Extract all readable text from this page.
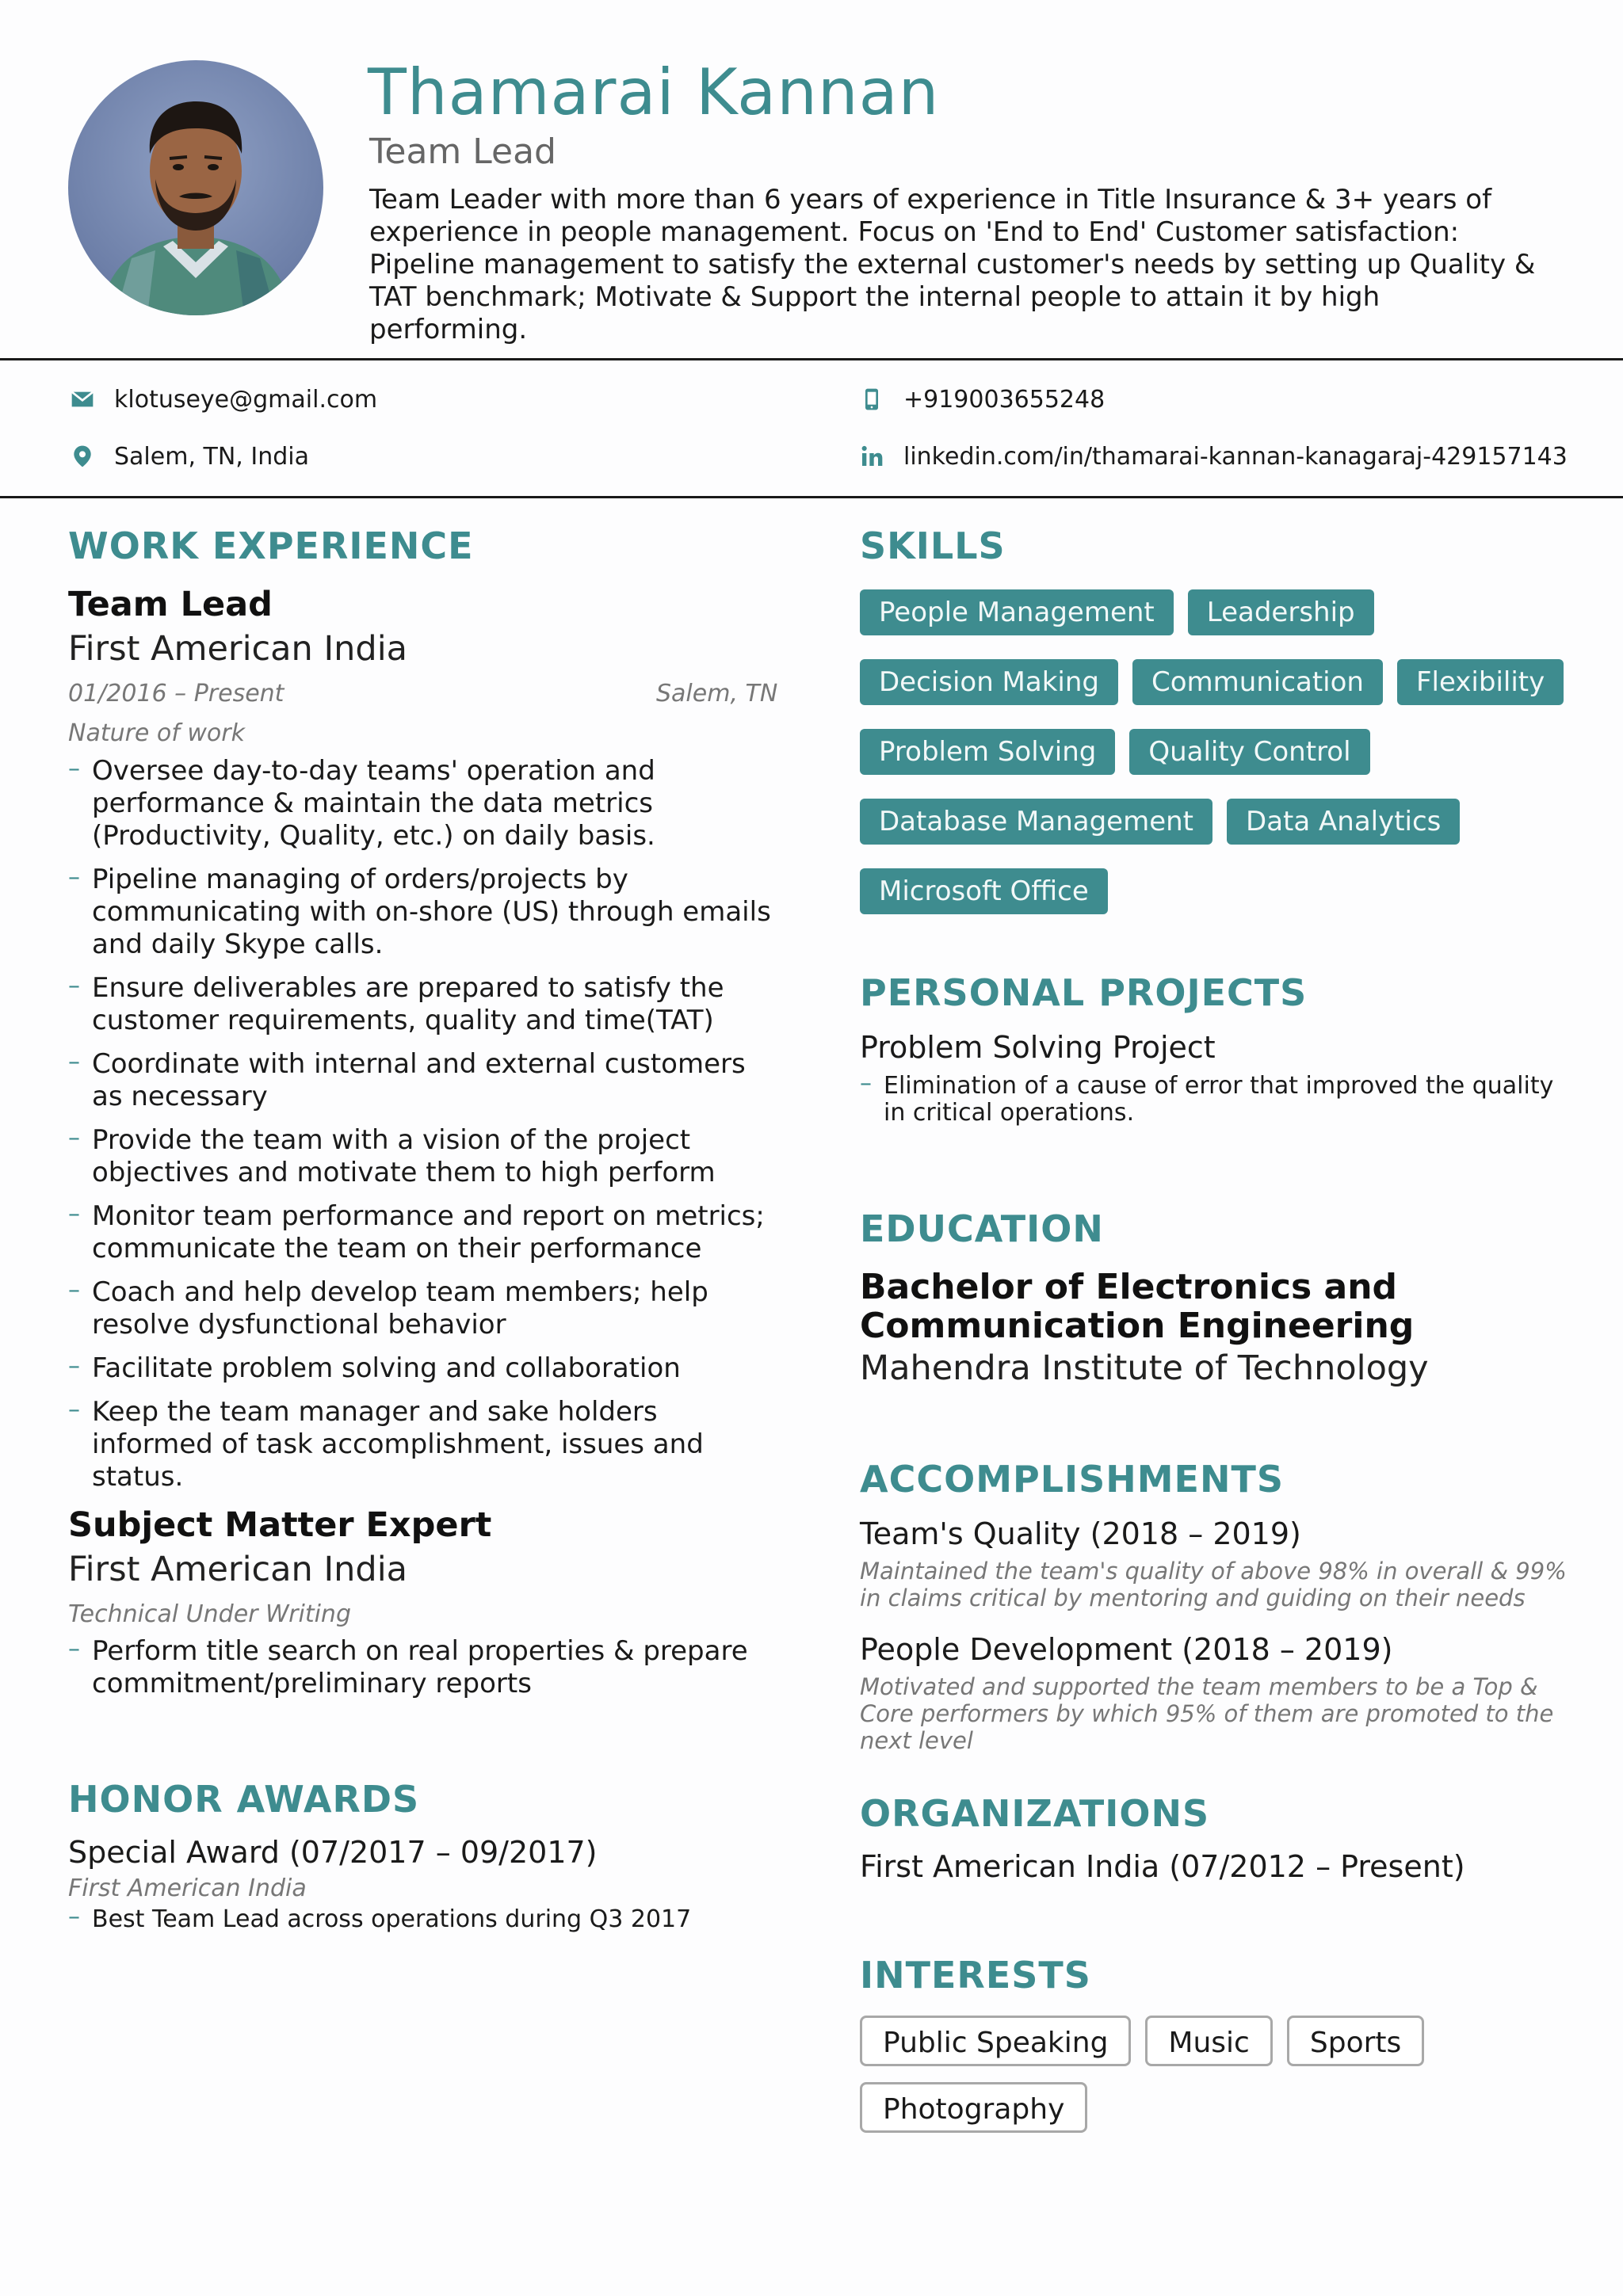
Thamarai Kannan
Team Lead
Team Leader with more than 6 years of experience in Title Insurance & 3+ years of experience in people management. Focus on 'End to End' Customer satisfaction: Pipeline management to satisfy the external customer's needs by setting up Quality & TAT benchmark; Motivate & Support the internal people to attain it by high performing.
klotuseye@gmail.com
Salem, TN, India
+919003655248
linkedin.com/in/thamarai-kannan-kanagaraj-429157143
WORK EXPERIENCE
Team Lead
First American India
01/2016 – Present	Salem, TN
Nature of work
– Oversee day-to-day teams' operation and performance & maintain the data metrics (Productivity, Quality, etc.) on daily basis.
– Pipeline managing of orders/projects by communicating with on-shore (US) through emails and daily Skype calls.
– Ensure deliverables are prepared to satisfy the customer requirements, quality and time(TAT)
– Coordinate with internal and external customers as necessary
– Provide the team with a vision of the project objectives and motivate them to high perform
– Monitor team performance and report on metrics; communicate the team on their performance
– Coach and help develop team members; help resolve dysfunctional behavior
– Facilitate problem solving and collaboration
– Keep the team manager and sake holders informed of task accomplishment, issues and status.
Subject Matter Expert
First American India
Technical Under Writing
– Perform title search on real properties & prepare commitment/preliminary reports
HONOR AWARDS
Special Award (07/2017 – 09/2017)
First American India
– Best Team Lead across operations during Q3 2017
SKILLS
People Management	Leadership
Decision Making	Communication	Flexibility
Problem Solving	Quality Control
Database Management	Data Analytics
Microsoft Office
PERSONAL PROJECTS
Problem Solving Project
– Elimination of a cause of error that improved the quality in critical operations.
EDUCATION
Bachelor of Electronics and Communication Engineering
Mahendra Institute of Technology
ACCOMPLISHMENTS
Team's Quality (2018 – 2019)
Maintained the team's quality of above 98% in overall & 99% in claims critical by mentoring and guiding on their needs
People Development (2018 – 2019)
Motivated and supported the team members to be a Top & Core performers by which 95% of them are promoted to the next level
ORGANIZATIONS
First American India (07/2012 – Present)
INTERESTS
Public Speaking	Music	Sports
Photography
